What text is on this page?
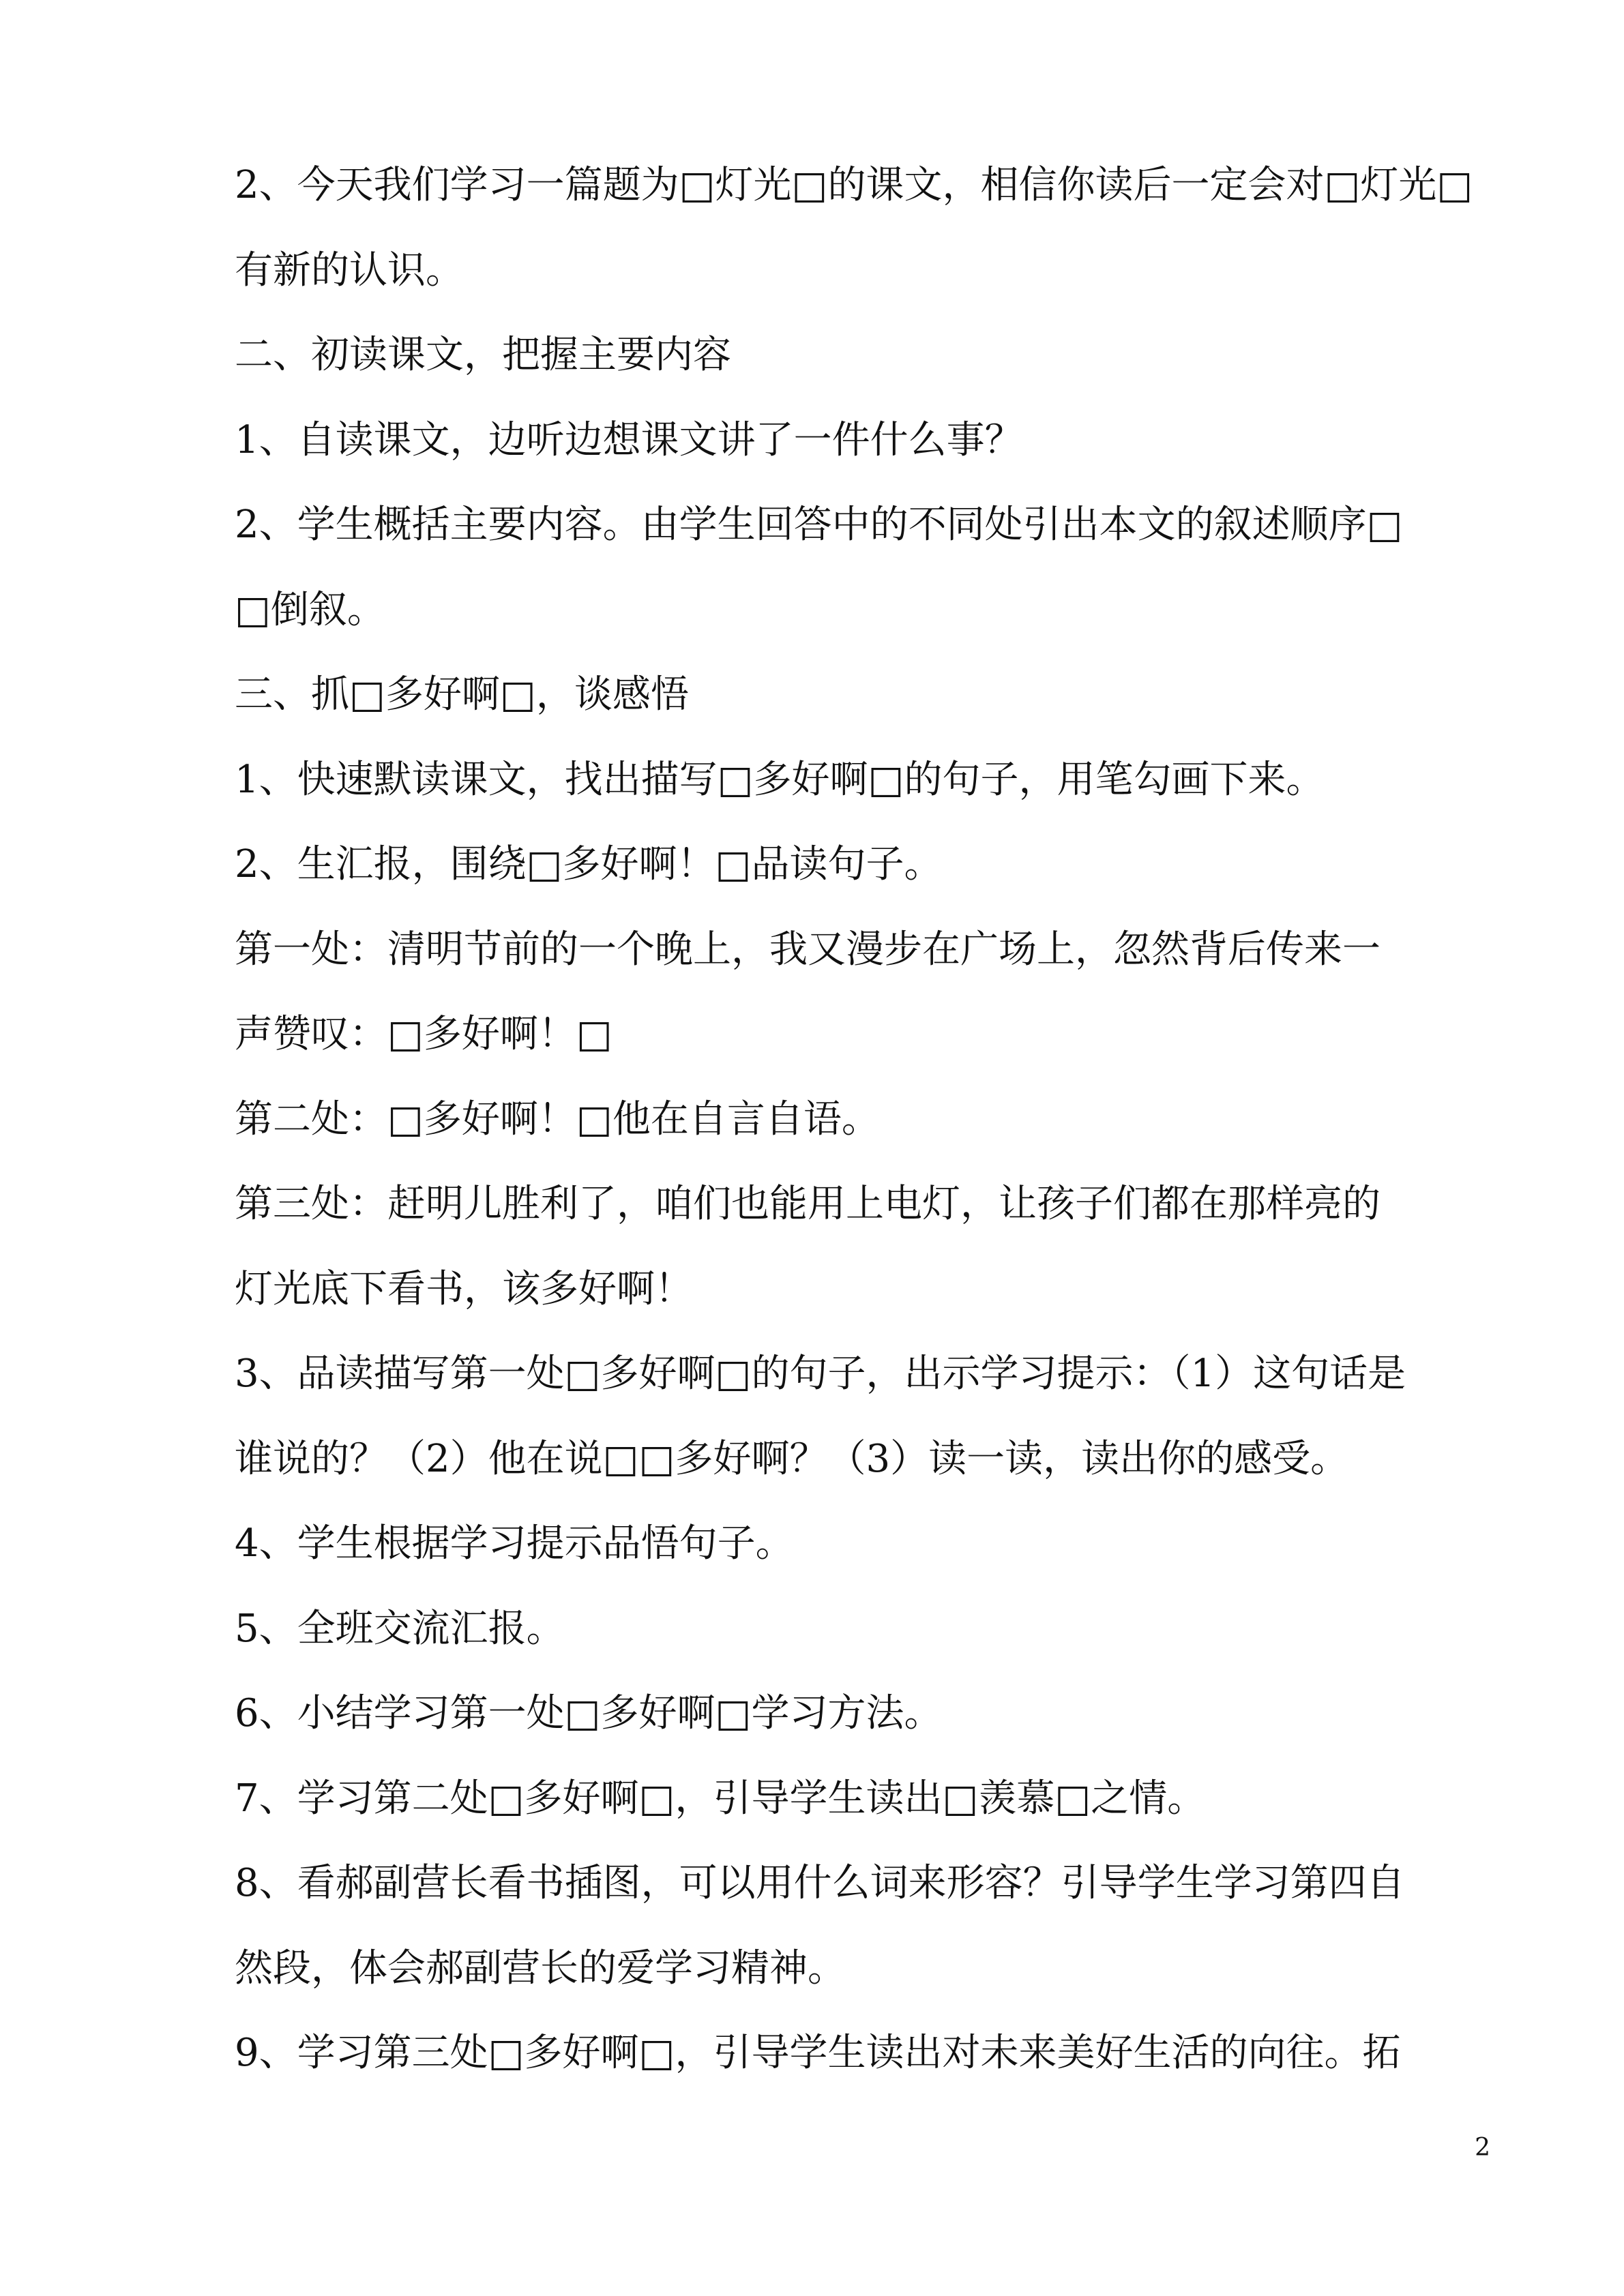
2、今天我们学习一篇题为□灯光□的课文，相信你读后一定会对□灯光□
有新的认识。
二、初读课文，把握主要内容
1、自读课文，边听边想课文讲了一件什么事？
2、学生概括主要内容。由学生回答中的不同处引出本文的叙述顺序□
□倒叙。
三、抓□多好啊□，谈感悟
1、快速默读课文，找出描写□多好啊□的句子，用笔勾画下来。
2、生汇报，围绕□多好啊！□品读句子。
第一处：清明节前的一个晚上，我又漫步在广场上，忽然背后传来一
声赞叹：□多好啊！□
第二处：□多好啊！□他在自言自语。
第三处：赶明儿胜利了，咱们也能用上电灯，让孩子们都在那样亮的
灯光底下看书，该多好啊！
3、品读描写第一处□多好啊□的句子，出示学习提示：（1）这句话是
谁说的？（2）他在说□□多好啊？（3）读一读，读出你的感受。
4、学生根据学习提示品悟句子。
5、全班交流汇报。
6、小结学习第一处□多好啊□学习方法。
7、学习第二处□多好啊□，引导学生读出□羡慕□之情。
8、看郝副营长看书插图，可以用什么词来形容？引导学生学习第四自
然段，体会郝副营长的爱学习精神。
9、学习第三处□多好啊□，引导学生读出对未来美好生活的向往。拓
2
